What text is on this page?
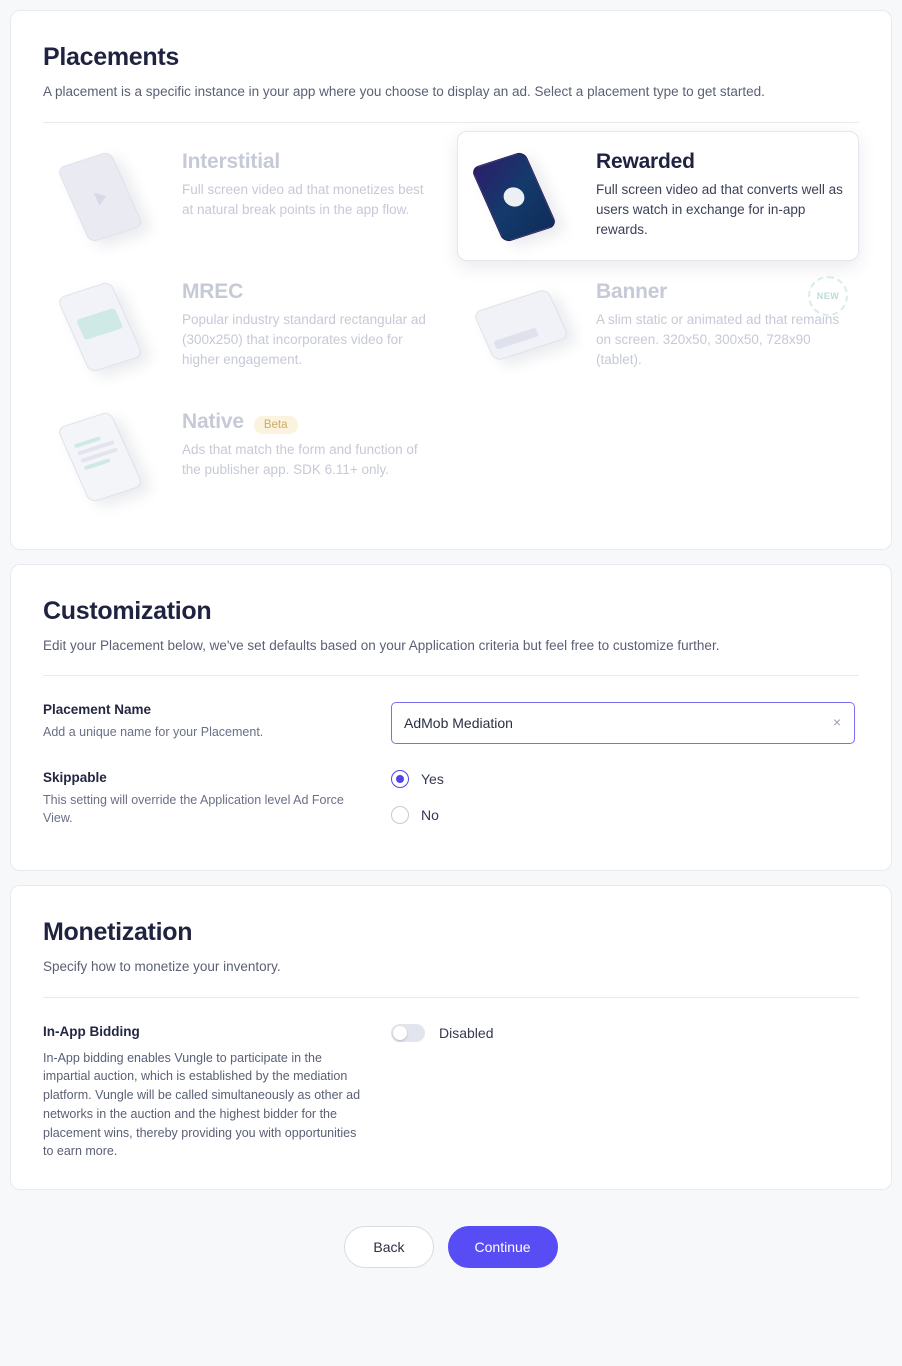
Placements
A placement is a specific instance in your app where you choose to display an ad. Select a placement type to get started.
Interstitial
Full screen video ad that monetizes best at natural break points in the app flow.
Rewarded
Full screen video ad that converts well as users watch in exchange for in-app rewards.
MREC
Popular industry standard rectangular ad (300x250) that incorporates video for higher engagement.
Banner
A slim static or animated ad that remains on screen. 320x50, 300x50, 728x90 (tablet).
NEW
Native	Beta
Ads that match the form and function of the publisher app. SDK 6.11+ only.
Customization
Edit your Placement below, we've set defaults based on your Application criteria but feel free to customize further.
Placement Name
Add a unique name for your Placement.
AdMob Mediation
×
Skippable
This setting will override the Application level Ad Force View.
Yes
No
Monetization
Specify how to monetize your inventory.
In-App Bidding
In-App bidding enables Vungle to participate in the impartial auction, which is established by the mediation platform. Vungle will be called simultaneously as other ad networks in the auction and the highest bidder for the placement wins, thereby providing you with opportunities to earn more.
Disabled
Back	Continue
